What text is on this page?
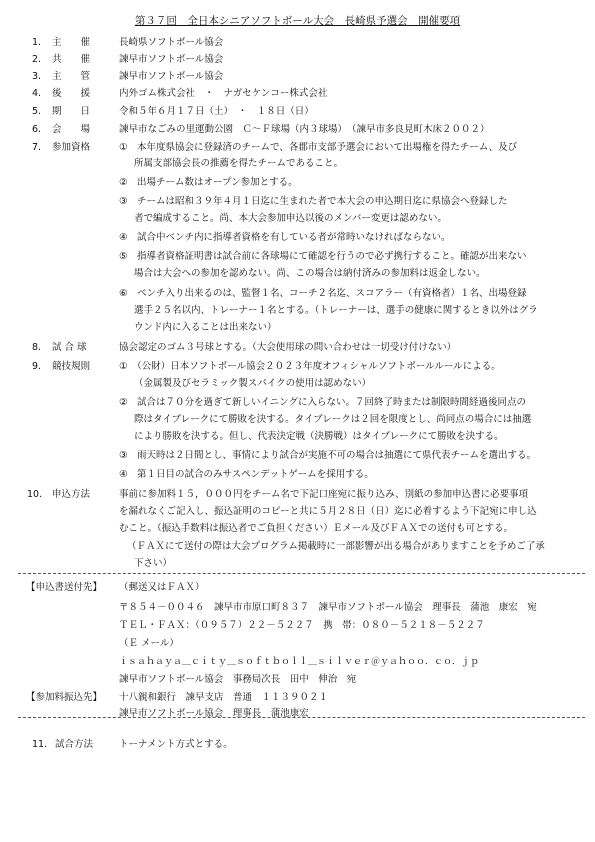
第３７回　全日本シニアソフトボール大会　長崎県予選会　開催要項
1. 主　　催	長崎県ソフトボール協会
2. 共　　催	諫早市ソフトボール協会
3. 主　　管	諫早市ソフトボール協会
4. 後　　援	内外ゴム株式会社　・　ナガセケンコー株式会社
5. 期　　日	令和５年６月１７日（土）　・　１８日（日）
6. 会　　場	諫早市なごみの里運動公園　Ｃ～Ｆ球場（内３球場）　（諫早市多良見町木床２００２）
7. 参加資格	①　本年度県協会に登録済のチームで、各郡市支部予選会において出場権を得たチーム、及び
所属支部協会長の推薦を得たチームであること。
②　出場チーム数はオープン参加とする。
③　チームは昭和３９年４月１日迄に生まれた者で本大会の申込期日迄に県協会へ登録した
者で編成すること。尚、本大会参加申込以後のメンバー変更は認めない。
④　試合中ベンチ内に指導者資格を有している者が常時いなければならない。
⑤　指導者資格証明書は試合前に各球場にて確認を行うので必ず携行すること。確認が出来ない
場合は大会への参加を認めない。尚、この場合は納付済みの参加料は返金しない。
⑥　ベンチ入り出来るのは、監督１名、コーチ２名迄、スコアラー（有資格者）１名、出場登録
選手２５名以内、トレーナー１名とする。（トレーナーは、選手の健康に関するとき以外はグラ
ウンド内に入ることは出来ない）
8. 試 合 球	協会認定のゴム３号球とする。（大会使用球の問い合わせは一切受け付けない）
9. 競技規則	①　（公財）日本ソフトボール協会２０２３年度オフィシャルソフトボールルールによる。
（金属製及びセラミック製スパイクの使用は認めない）
②　試合は７０分を過ぎて新しいイニングに入らない。７回終了時または制限時間経過後同点の
際はタイブレークにて勝敗を決する。タイブレークは２回を限度とし、尚同点の場合には抽選
により勝敗を決する。但し、代表決定戦（決勝戦）はタイブレークにて勝敗を決する。
③　雨天時は２日間とし、事情により試合が実施不可の場合は抽選にて県代表チームを選出する。
④　第１日目の試合のみサスペンデットゲームを採用する。
10. 申込方法	事前に参加料１５，０００円をチーム名で下記口座宛に振り込み、別紙の参加申込書に必要事項
を漏れなくご記入し、振込証明のコピーと共に５月２８日（日）迄に必着するよう下記宛に申し込
むこと。（振込手数料は振込者でご負担ください）Ｅメール及びＦＡＸでの送付も可とする。
（ＦＡＸにて送付の際は大会プログラム掲載時に一部影響が出る場合がありますことを予めご了承
下さい）
【申込書送付先】 （郵送又はＦＡＸ）
〒８５４－００４６　諫早市市原口町８３７　諫早市ソフトボール協会　理事長　蒲池　康宏　宛
ＴＥＬ・ＦＡＸ：（０９５７）２２－５２２７　携　帯：０８０－５２１８－５２２７
（Ｅ メール）
ｉｓａｈａｙａ＿ｃｉｔｙ＿ｓｏｆｔｂｏｌｌ＿ｓｉｌｖｅｒ＠ｙａｈｏｏ．ｃｏ．ｊｐ
諫早市ソフトボール協会　事務局次長　田中　伸治　宛
【参加料振込先】 十八親和銀行　諫早支店　普通　１１３９０２１
諫早市ソフトボール協会　理事長　蒲池康宏
11. 試合方法	トーナメント方式とする。
